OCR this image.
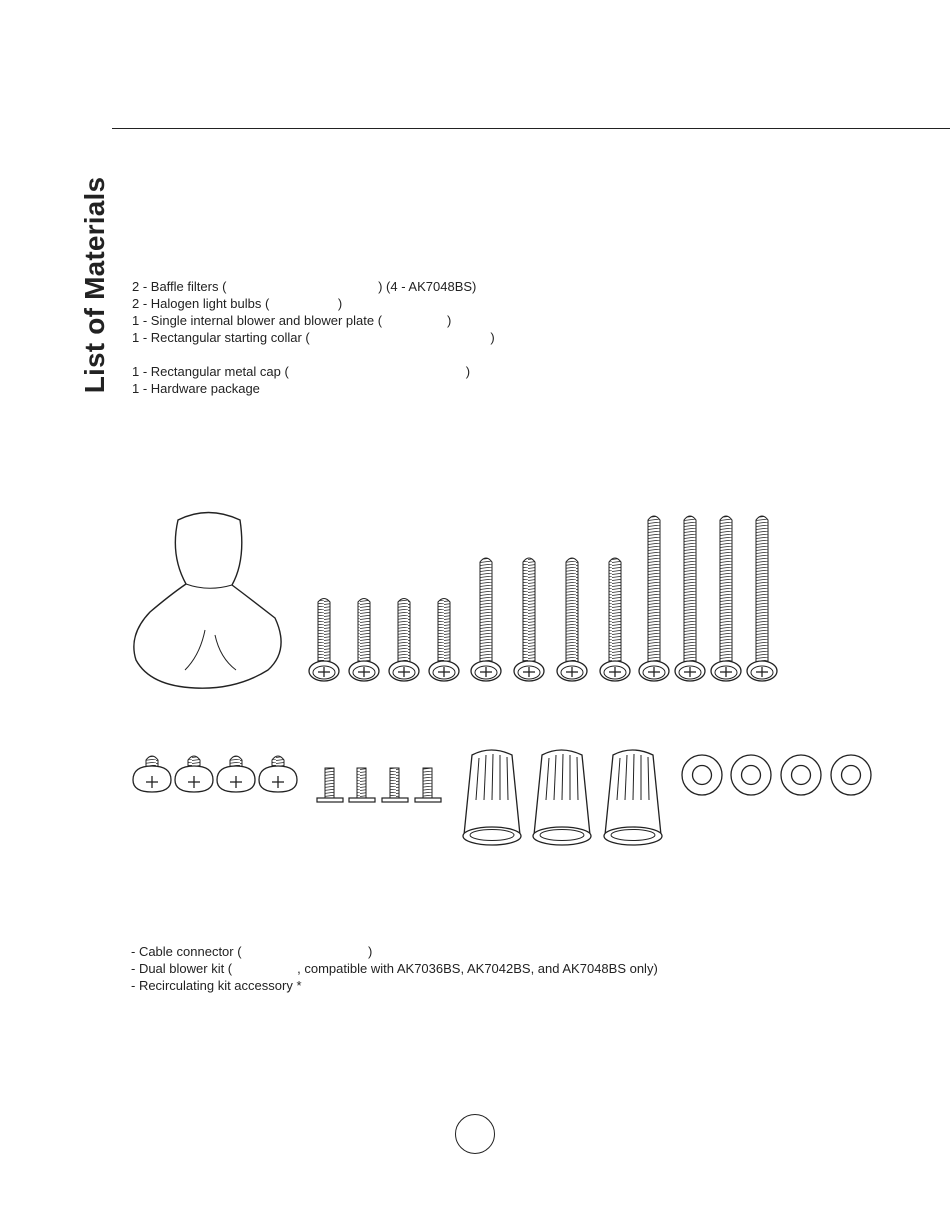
List of Materials 2 - Baffle filters (                                          ) (4 - AK7048BS)
2 - Halogen light bulbs (                   )
1 - Single internal blower and blower plate (                  )
1 - Rectangular starting collar (                                                  )
1 - Rectangular metal cap (                                                 )
1 - Hardware package
- Cable connector (                                   )
- Dual blower kit (                  , compatible with AK7036BS, AK7042BS, and AK7048BS only)
- Recirculating kit accessory *
